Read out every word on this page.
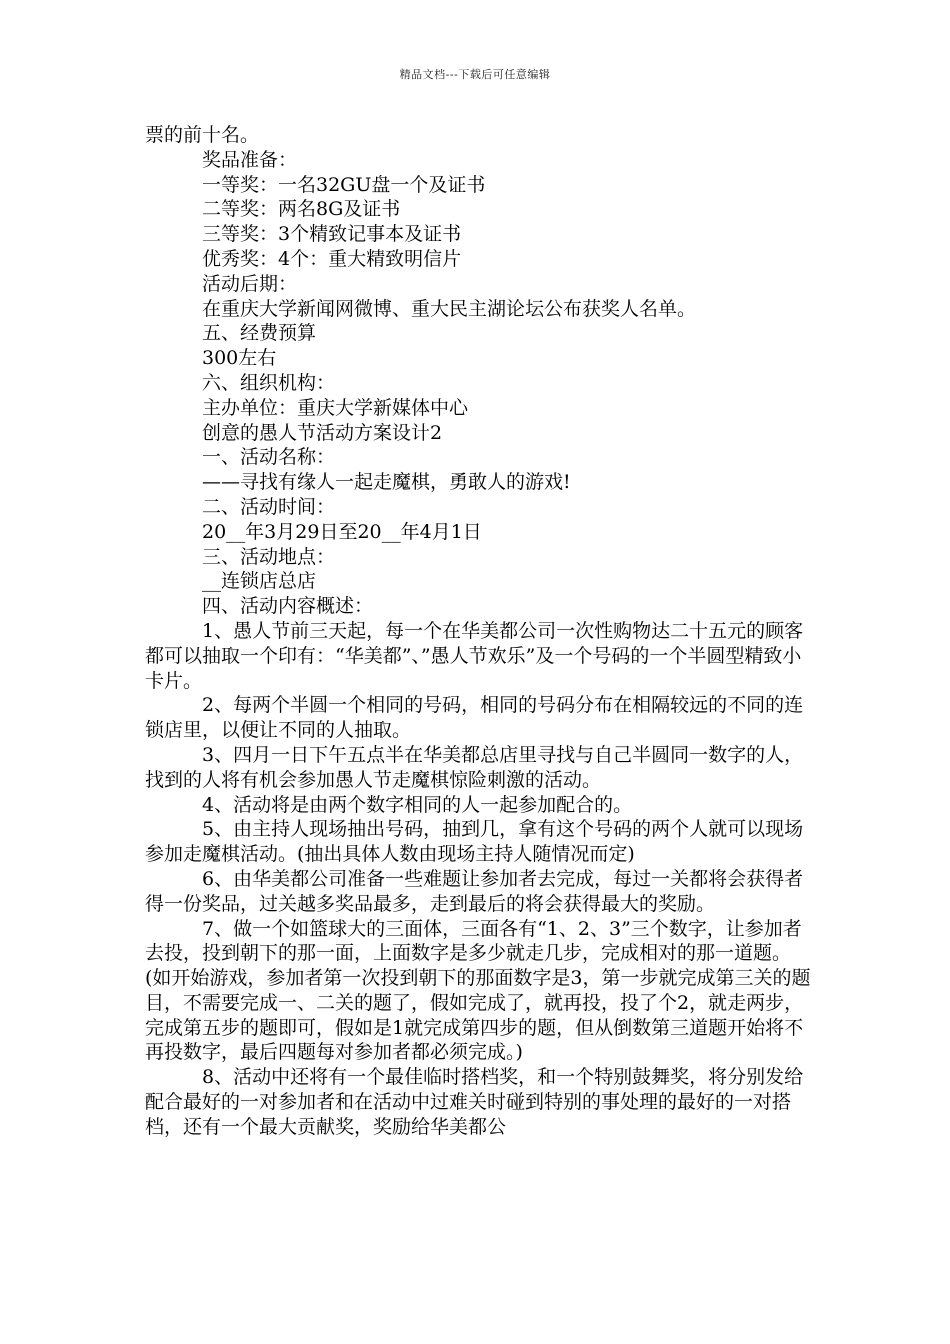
精品文档---下载后可任意编辑

票的前十名。

奖品准备：

一等奖：一名32GU盘一个及证书

二等奖：两名8G及证书

三等奖：3个精致记事本及证书

优秀奖：4个：重大精致明信片

活动后期：

在重庆大学新闻网微博、重大民主湖论坛公布获奖人名单。

五、经费预算

300左右

六、组织机构：

主办单位：重庆大学新媒体中心

创意的愚人节活动方案设计2

一、活动名称：

——寻找有缘人一起走魔棋，勇敢人的游戏!

二、活动时间：

20__年3月29日至20__年4月1日

三、活动地点：

__连锁店总店

四、活动内容概述：

1、愚人节前三天起，每一个在华美都公司一次性购物达二十五元的顾客都可以抽取一个印有：“华美都”、”愚人节欢乐”及一个号码的一个半圆型精致小卡片。

2、每两个半圆一个相同的号码，相同的号码分布在相隔较远的不同的连锁店里，以便让不同的人抽取。

3、四月一日下午五点半在华美都总店里寻找与自己半圆同一数字的人，找到的人将有机会参加愚人节走魔棋惊险刺激的活动。

4、活动将是由两个数字相同的人一起参加配合的。

5、由主持人现场抽出号码，抽到几，拿有这个号码的两个人就可以现场参加走魔棋活动。(抽出具体人数由现场主持人随情况而定)

6、由华美都公司准备一些难题让参加者去完成，每过一关都将会获得者得一份奖品，过关越多奖品最多，走到最后的将会获得最大的奖励。

7、做一个如篮球大的三面体，三面各有“1、2、3”三个数字，让参加者去投，投到朝下的那一面，上面数字是多少就走几步，完成相对的那一道题。(如开始游戏，参加者第一次投到朝下的那面数字是3，第一步就完成第三关的题目，不需要完成一、二关的题了，假如完成了，就再投，投了个2，就走两步，完成第五步的题即可，假如是1就完成第四步的题，但从倒数第三道题开始将不再投数字，最后四题每对参加者都必须完成。)

8、活动中还将有一个最佳临时搭档奖，和一个特别鼓舞奖，将分别发给配合最好的一对参加者和在活动中过难关时碰到特别的事处理的最好的一对搭档，还有一个最大贡献奖，奖励给华美都公
